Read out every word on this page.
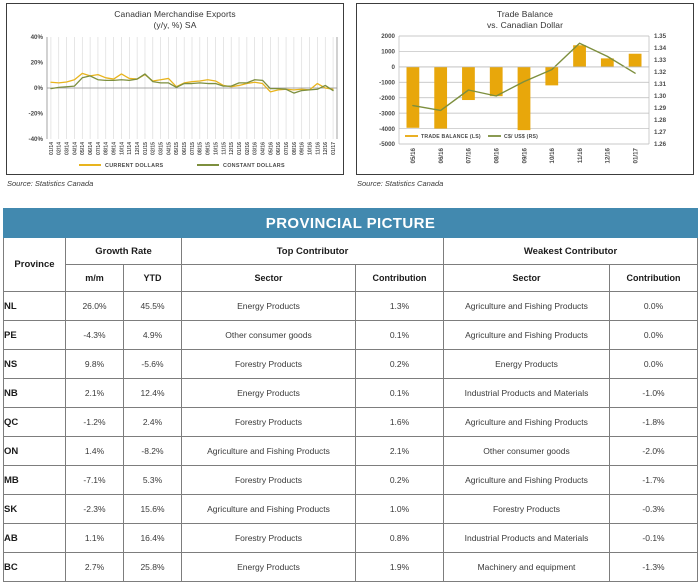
Canadian Merchandise Exports
(y/y, %) SA
40%
20%
0%
-20%
-40%
01/14 02/14 03/14 04/14 05/14 06/14 07/14 08/14 09/14 10/14 11/14 12/14 01/15 02/15 03/15 04/15 05/15 06/15 07/15 08/15 09/15 10/15 11/15 12/15 01/16 02/16 03/16 04/16 05/16 06/16 07/16 08/16 09/16 10/16 11/16 12/16 01/17
CURRENT DOLLARS	CONSTANT DOLLARS
Source: Statistics Canada
Trade Balance
vs. Canadian Dollar
2000
1000
0
-1000
-2000
-3000
-4000
-5000
1.35
1.34
1.33
1.32
1.31
1.30
1.29
1.28
1.27
1.26
05/16	06/16	07/16	08/16	09/16	10/16	11/16	12/16	01/17
TRADE BALANCE (LS)	C$/ US$ (RS)
Source: Statistics Canada
PROVINCIAL PICTURE						
Province	Growth Rate		Top Contributor		Weakest Contributor	
	m/m	YTD	Sector	Contribution	Sector	Contribution
NL	26.0%	45.5%	Energy Products	1.3%	Agriculture and Fishing Products	0.0%
PE	-4.3%	4.9%	Other consumer goods	0.1%	Agriculture and Fishing Products	0.0%
NS	9.8%	-5.6%	Forestry Products	0.2%	Energy Products	0.0%
NB	2.1%	12.4%	Energy Products	0.1%	Industrial Products and Materials	-1.0%
QC	-1.2%	2.4%	Forestry Products	1.6%	Agriculture and Fishing Products	-1.8%
ON	1.4%	-8.2%	Agriculture and Fishing Products	2.1%	Other consumer goods	-2.0%
MB	-7.1%	5.3%	Forestry Products	0.2%	Agriculture and Fishing Products	-1.7%
SK	-2.3%	15.6%	Agriculture and Fishing Products	1.0%	Forestry Products	-0.3%
AB	1.1%	16.4%	Forestry Products	0.8%	Industrial Products and Materials	-0.1%
BC	2.7%	25.8%	Energy Products	1.9%	Machinery and equipment	-1.3%
